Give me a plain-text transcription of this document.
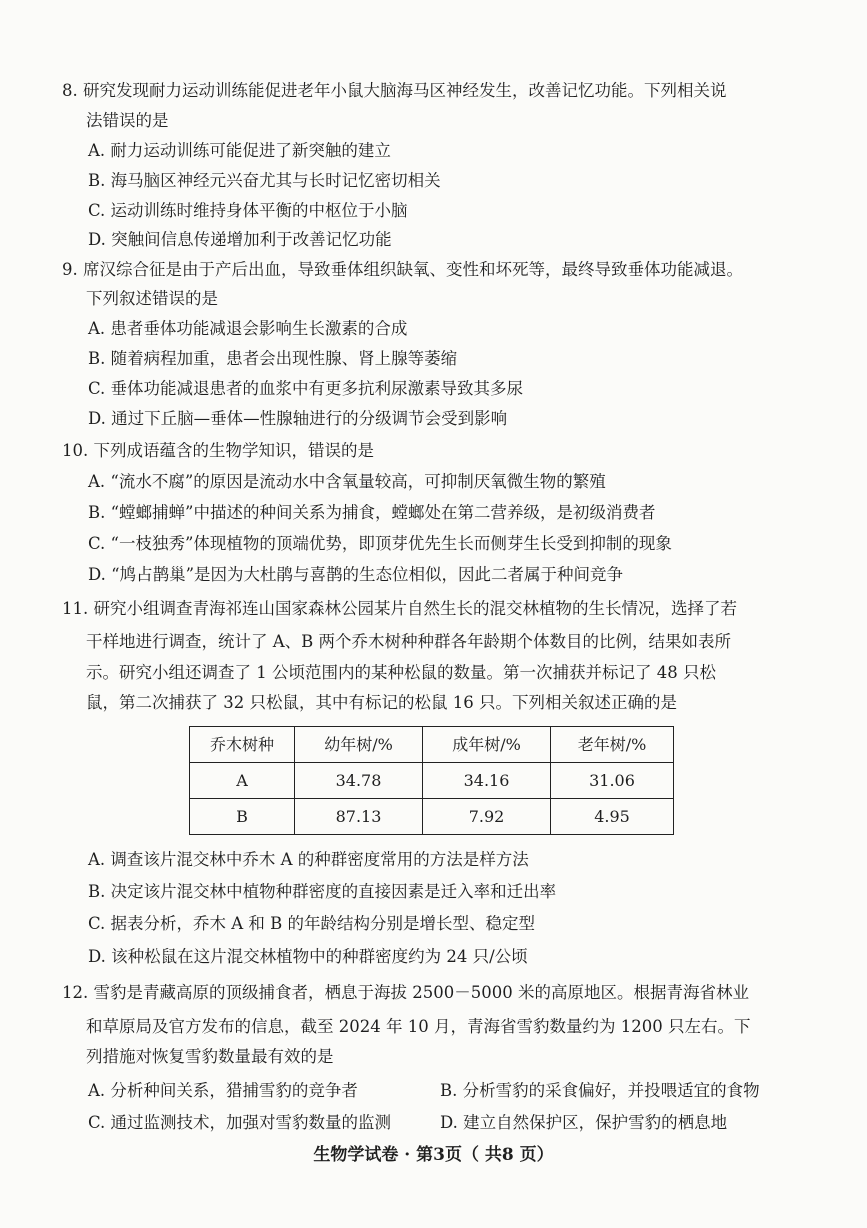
8. 研究发现耐力运动训练能促进老年小鼠大脑海马区神经发生，改善记忆功能。下列相关说
法错误的是
A. 耐力运动训练可能促进了新突触的建立
B. 海马脑区神经元兴奋尤其与长时记忆密切相关
C. 运动训练时维持身体平衡的中枢位于小脑
D. 突触间信息传递增加利于改善记忆功能
9. 席汉综合征是由于产后出血，导致垂体组织缺氧、变性和坏死等，最终导致垂体功能减退。
下列叙述错误的是
A. 患者垂体功能减退会影响生长激素的合成
B. 随着病程加重，患者会出现性腺、肾上腺等萎缩
C. 垂体功能减退患者的血浆中有更多抗利尿激素导致其多尿
D. 通过下丘脑—垂体—性腺轴进行的分级调节会受到影响
10. 下列成语蕴含的生物学知识，错误的是
A. “流水不腐”的原因是流动水中含氧量较高，可抑制厌氧微生物的繁殖
B. “螳螂捕蝉”中描述的种间关系为捕食，螳螂处在第二营养级，是初级消费者
C. “一枝独秀”体现植物的顶端优势，即顶芽优先生长而侧芽生长受到抑制的现象
D. “鸠占鹊巢”是因为大杜鹃与喜鹊的生态位相似，因此二者属于种间竞争
11. 研究小组调查青海祁连山国家森林公园某片自然生长的混交林植物的生长情况，选择了若
干样地进行调查，统计了 A、B 两个乔木树种种群各年龄期个体数目的比例，结果如表所
示。研究小组还调查了 1 公顷范围内的某种松鼠的数量。第一次捕获并标记了 48 只松
鼠，第二次捕获了 32 只松鼠，其中有标记的松鼠 16 只。下列相关叙述正确的是
乔木树种	幼年树/%	成年树/%	老年树/%
A	34.78	34.16	31.06
B	87.13	7.92	4.95
A. 调查该片混交林中乔木 A 的种群密度常用的方法是样方法
B. 决定该片混交林中植物种群密度的直接因素是迁入率和迁出率
C. 据表分析，乔木 A 和 B 的年龄结构分别是增长型、稳定型
D. 该种松鼠在这片混交林植物中的种群密度约为 24 只/公顷
12. 雪豹是青藏高原的顶级捕食者，栖息于海拔 2500－5000 米的高原地区。根据青海省林业
和草原局及官方发布的信息，截至 2024 年 10 月，青海省雪豹数量约为 1200 只左右。下
列措施对恢复雪豹数量最有效的是
A. 分析种间关系，猎捕雪豹的竞争者	B. 分析雪豹的采食偏好，并投喂适宜的食物
C. 通过监测技术，加强对雪豹数量的监测	D. 建立自然保护区，保护雪豹的栖息地
生物学试卷 · 第3页（ 共8 页）
